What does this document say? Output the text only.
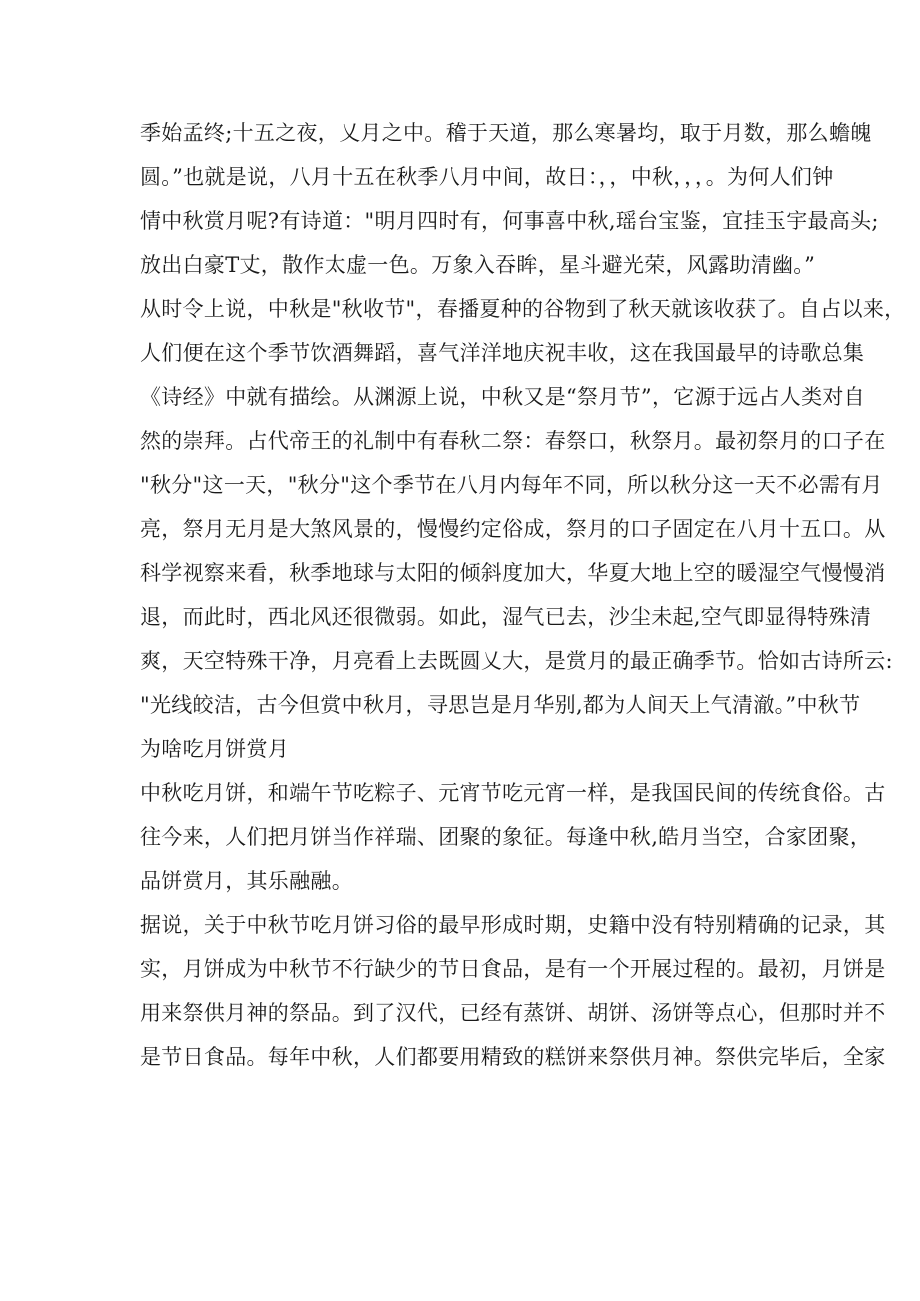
季始孟终;十五之夜，乂月之中。稽于天道，那么寒暑均，取于月数，那么蟾魄
圆。”也就是说，八月十五在秋季八月中间，故日：，，中秋，，，。为何人们钟
情中秋赏月呢?有诗道："明月四时有，何事喜中秋,瑶台宝鉴，宜挂玉宇最高头;
放出白豪T丈，散作太虚一色。万象入吞眸，星斗避光荣，风露助清幽。”
从时令上说，中秋是"秋收节"，春播夏种的谷物到了秋天就该收获了。自占以来，
人们便在这个季节饮酒舞蹈，喜气洋洋地庆祝丰收，这在我国最早的诗歌总集
《诗经》中就有描绘。从渊源上说，中秋又是“祭月节”，它源于远占人类对自
然的崇拜。占代帝王的礼制中有春秋二祭：春祭口，秋祭月。最初祭月的口子在
"秋分"这一天，"秋分"这个季节在八月内每年不同，所以秋分这一天不必需有月
亮，祭月无月是大煞风景的，慢慢约定俗成，祭月的口子固定在八月十五口。从
科学视察来看，秋季地球与太阳的倾斜度加大，华夏大地上空的暖湿空气慢慢消
退，而此时，西北风还很微弱。如此，湿气已去，沙尘未起,空气即显得特殊清
爽，天空特殊干净，月亮看上去既圆乂大，是赏月的最正确季节。恰如古诗所云:
"光线皎洁，古今但赏中秋月，寻思岂是月华别,都为人间天上气清澈。”中秋节
为啥吃月饼赏月
中秋吃月饼，和端午节吃粽子、元宵节吃元宵一样，是我国民间的传统食俗。古
往今来，人们把月饼当作祥瑞、团聚的象征。每逢中秋,皓月当空，合家团聚，
品饼赏月，其乐融融。
据说，关于中秋节吃月饼习俗的最早形成时期，史籍中没有特别精确的记录，其
实，月饼成为中秋节不行缺少的节日食品，是有一个开展过程的。最初，月饼是
用来祭供月神的祭品。到了汉代，已经有蒸饼、胡饼、汤饼等点心，但那时并不
是节日食品。每年中秋，人们都要用精致的糕饼来祭供月神。祭供完毕后，全家
